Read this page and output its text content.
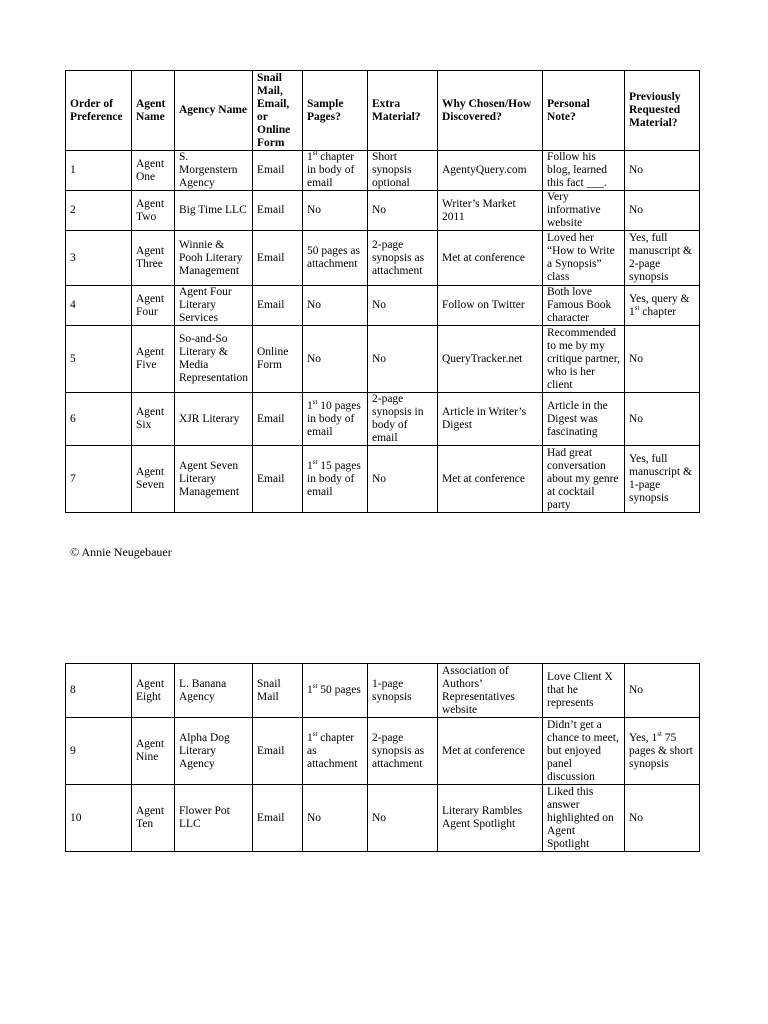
Order of Preference	Agent Name	Agency Name	Snail Mail, Email, or Online Form	Sample Pages?	Extra Material?	Why Chosen/How Discovered?	Personal Note?	Previously Requested Material?
1	Agent One	S. Morgenstern Agency	Email	1st chapter in body of email	Short synopsis optional	AgentyQuery.com	Follow his blog, learned this fact ___.	No
2	Agent Two	Big Time LLC	Email	No	No	Writer’s Market 2011	Very informative website	No
3	Agent Three	Winnie & Pooh Literary Management	Email	50 pages as attachment	2-page synopsis as attachment	Met at conference	Loved her “How to Write a Synopsis” class	Yes, full manuscript & 2-page synopsis
4	Agent Four	Agent Four Literary Services	Email	No	No	Follow on Twitter	Both love Famous Book character	Yes, query & 1st chapter
5	Agent Five	So-and-So Literary & Media Representation	Online Form	No	No	QueryTracker.net	Recommended to me by my critique partner, who is her client	No
6	Agent Six	XJR Literary	Email	1st 10 pages in body of email	2-page synopsis in body of email	Article in Writer’s Digest	Article in the Digest was fascinating	No
7	Agent Seven	Agent Seven Literary Management	Email	1st 15 pages in body of email	No	Met at conference	Had great conversation about my genre at cocktail party	Yes, full manuscript & 1-page synopsis
© Annie Neugebauer
8	Agent Eight	L. Banana Agency	Snail Mail	1st 50 pages	1-page synopsis	Association of Authors’ Representatives website	Love Client X that he represents	No
9	Agent Nine	Alpha Dog Literary Agency	Email	1st chapter as attachment	2-page synopsis as attachment	Met at conference	Didn’t get a chance to meet, but enjoyed panel discussion	Yes, 1st 75 pages & short synopsis
10	Agent Ten	Flower Pot LLC	Email	No	No	Literary Rambles Agent Spotlight	Liked this answer highlighted on Agent Spotlight	No
